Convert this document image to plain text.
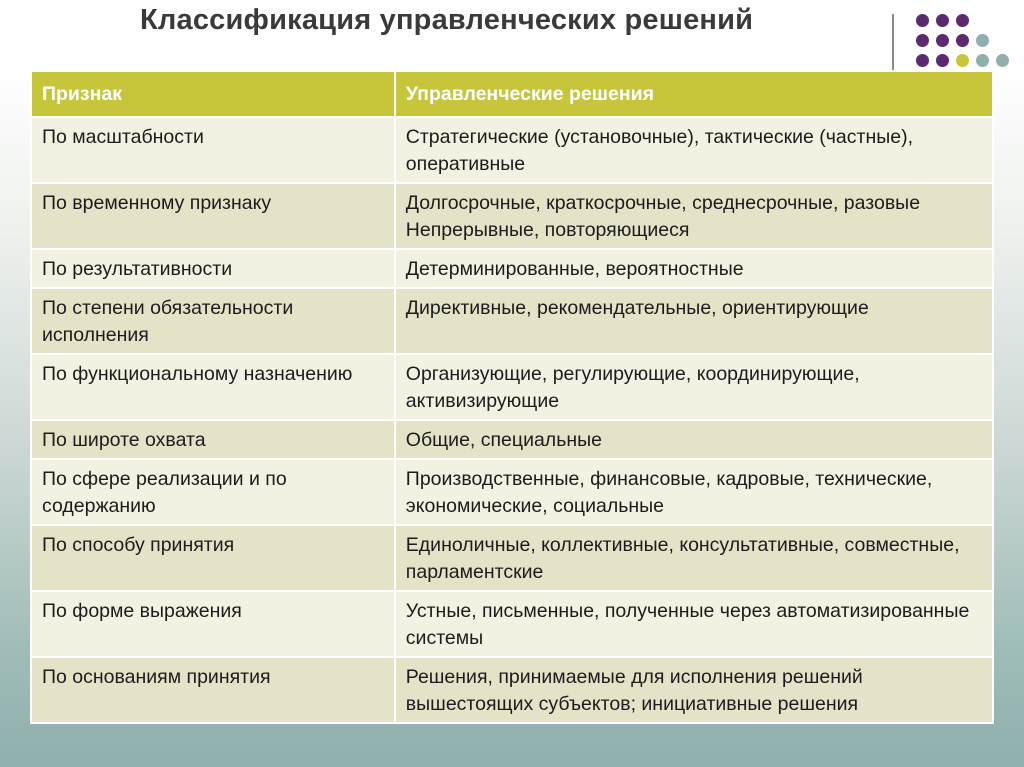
Классификация управленческих решений
Признак	Управленческие решения
По масштабности	Стратегические (установочные), тактические (частные), оперативные

По временному признаку	Долгосрочные, краткосрочные, среднесрочные, разовые
Непрерывные, повторяющиеся

По результативности	Детерминированные, вероятностные

По степени обязательности исполнения	Директивные, рекомендательные, ориентирующие

По функциональному назначению	Организующие, регулирующие, координирующие, активизирующие

По широте охвата	Общие, специальные

По сфере реализации и по содержанию	Производственные, финансовые, кадровые, технические, экономические, социальные

По способу принятия	Единоличные, коллективные, консультативные, совместные, парламентские

По форме выражения	Устные, письменные, полученные через автоматизированные системы

По основаниям принятия	Решения, принимаемые для исполнения решений вышестоящих субъектов; инициативные решения
